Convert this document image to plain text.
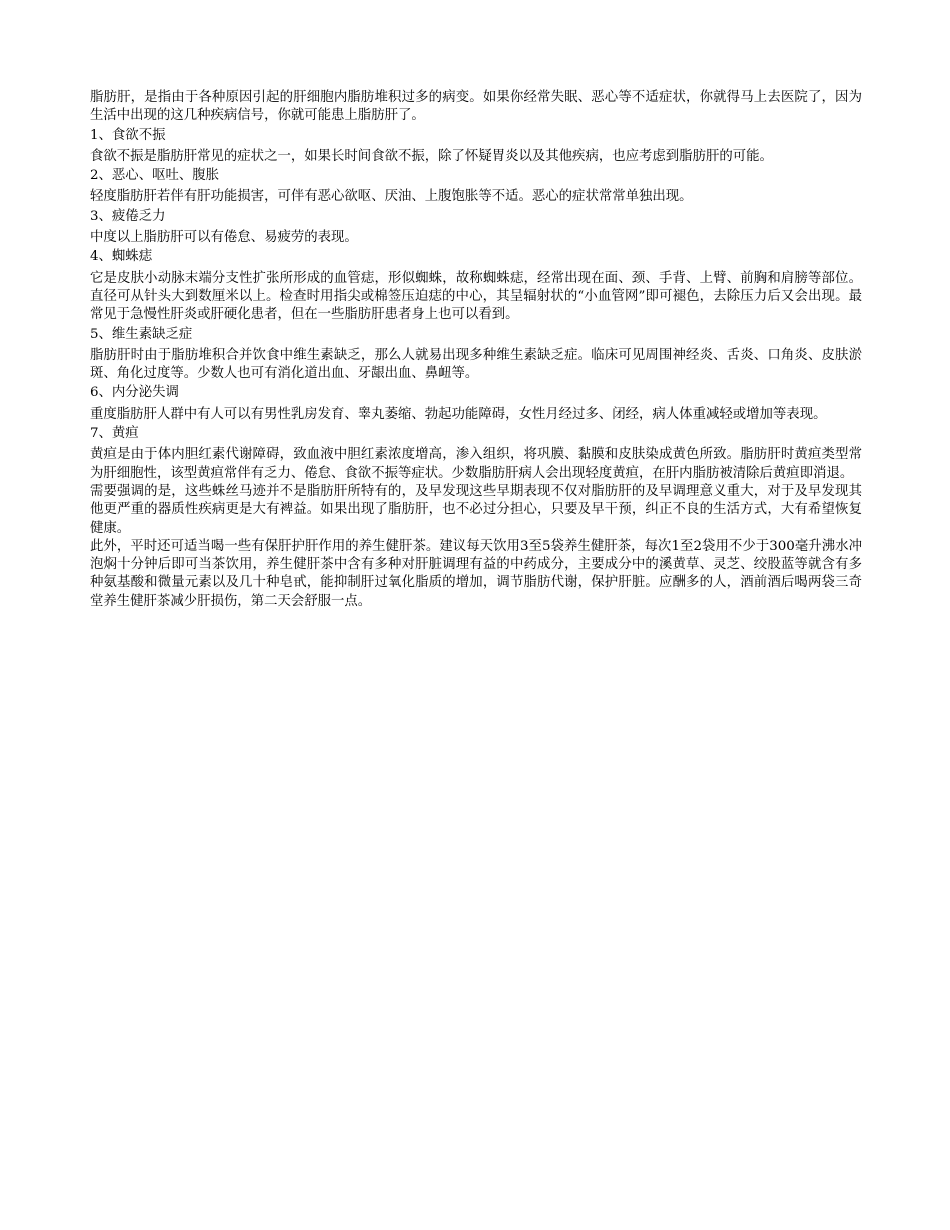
脂肪肝，是指由于各种原因引起的肝细胞内脂肪堆积过多的病变。如果你经常失眠、恶心等不适症状，你就得马上去医院了，因为生活中出现的这几种疾病信号，你就可能患上脂肪肝了。

1、食欲不振

食欲不振是脂肪肝常见的症状之一，如果长时间食欲不振，除了怀疑胃炎以及其他疾病，也应考虑到脂肪肝的可能。

2、恶心、呕吐、腹胀

轻度脂肪肝若伴有肝功能损害，可伴有恶心欲呕、厌油、上腹饱胀等不适。恶心的症状常常单独出现。

3、疲倦乏力

中度以上脂肪肝可以有倦怠、易疲劳的表现。

4、蜘蛛痣

它是皮肤小动脉末端分支性扩张所形成的血管痣，形似蜘蛛，故称蜘蛛痣，经常出现在面、颈、手背、上臂、前胸和肩膀等部位。直径可从针头大到数厘米以上。检查时用指尖或棉签压迫痣的中心，其呈辐射状的“小血管网”即可褪色，去除压力后又会出现。最常见于急慢性肝炎或肝硬化患者，但在一些脂肪肝患者身上也可以看到。

5、维生素缺乏症

脂肪肝时由于脂肪堆积合并饮食中维生素缺乏，那么人就易出现多种维生素缺乏症。临床可见周围神经炎、舌炎、口角炎、皮肤淤斑、角化过度等。少数人也可有消化道出血、牙龈出血、鼻衄等。

6、内分泌失调

重度脂肪肝人群中有人可以有男性乳房发育、睾丸萎缩、勃起功能障碍，女性月经过多、闭经，病人体重减轻或增加等表现。

7、黄疸

黄疸是由于体内胆红素代谢障碍，致血液中胆红素浓度增高，渗入组织，将巩膜、黏膜和皮肤染成黄色所致。脂肪肝时黄疸类型常为肝细胞性，该型黄疸常伴有乏力、倦怠、食欲不振等症状。少数脂肪肝病人会出现轻度黄疸，在肝内脂肪被清除后黄疸即消退。

需要强调的是，这些蛛丝马迹并不是脂肪肝所特有的，及早发现这些早期表现不仅对脂肪肝的及早调理意义重大，对于及早发现其他更严重的器质性疾病更是大有裨益。如果出现了脂肪肝，也不必过分担心，只要及早干预，纠正不良的生活方式，大有希望恢复健康。

此外，平时还可适当喝一些有保肝护肝作用的养生健肝茶。建议每天饮用3至5袋养生健肝茶，每次1至2袋用不少于300毫升沸水冲泡焖十分钟后即可当茶饮用，养生健肝茶中含有多种对肝脏调理有益的中药成分，主要成分中的溪黄草、灵芝、绞股蓝等就含有多种氨基酸和微量元素以及几十种皂甙，能抑制肝过氧化脂质的增加，调节脂肪代谢，保护肝脏。应酬多的人，酒前酒后喝两袋三奇堂养生健肝茶减少肝损伤，第二天会舒服一点。
